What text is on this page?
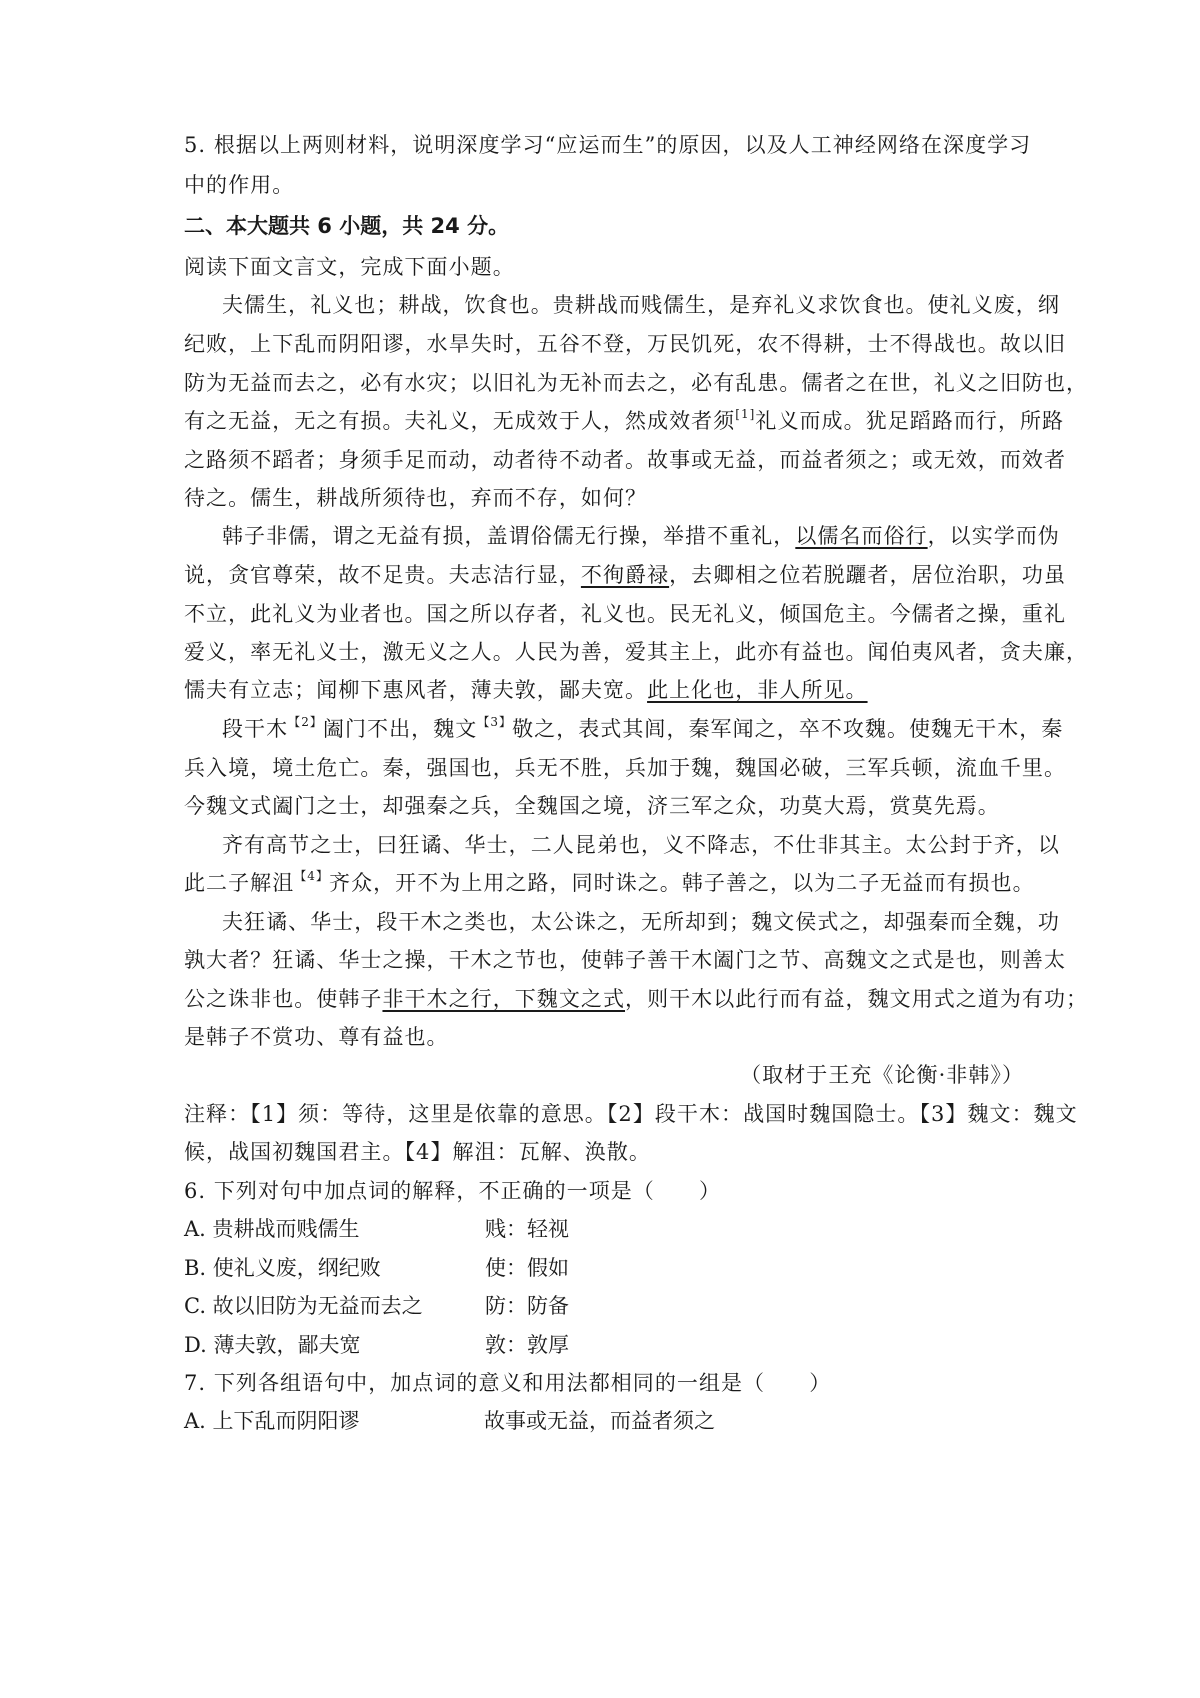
5. 根据以上两则材料，说明深度学习“应运而生”的原因，以及人工神经网络在深度学习
中的作用。
二、本大题共 6 小题，共 24 分。
阅读下面文言文，完成下面小题。
夫儒生，礼义也；耕战，饮食也。贵耕战而贱儒生，是弃礼义求饮食也。使礼义废，纲
纪败，上下乱而阴阳谬，水旱失时，五谷不登，万民饥死，农不得耕，士不得战也。故以旧
防为无益而去之，必有水灾；以旧礼为无补而去之，必有乱患。儒者之在世，礼义之旧防也，
有之无益，无之有损。夫礼义，无成效于人，然成效者须[1]礼义而成。犹足蹈路而行，所路
之路须不蹈者；身须手足而动，动者待不动者。故事或无益，而益者须之；或无效，而效者
待之。儒生，耕战所须待也，弃而不存，如何？
韩子非儒，谓之无益有损，盖谓俗儒无行操，举措不重礼，以儒名而俗行，以实学而伪
说，贪官尊荣，故不足贵。夫志洁行显，不徇爵禄，去卿相之位若脱躧者，居位治职，功虽
不立，此礼义为业者也。国之所以存者，礼义也。民无礼义，倾国危主。今儒者之操，重礼
爱义，率无礼义士，激无义之人。人民为善，爱其主上，此亦有益也。闻伯夷风者，贪夫廉，
懦夫有立志；闻柳下惠风者，薄夫敦，鄙夫宽。此上化也，非人所见。
段干木$^{【2】}$阖门不出，魏文$^{【3】}$敬之，表式其闾，秦军闻之，卒不攻魏。使魏无干木，秦
兵入境，境土危亡。秦，强国也，兵无不胜，兵加于魏，魏国必破，三军兵顿，流血千里。
今魏文式阖门之士，却强秦之兵，全魏国之境，济三军之众，功莫大焉，赏莫先焉。
齐有高节之士，曰狂谲、华士，二人昆弟也，义不降志，不仕非其主。太公封于齐，以
此二子解沮$^{【4】}$齐众，开不为上用之路，同时诛之。韩子善之，以为二子无益而有损也。
夫狂谲、华士，段干木之类也，太公诛之，无所却到；魏文侯式之，却强秦而全魏，功
孰大者？狂谲、华士之操，干木之节也，使韩子善干木阖门之节、高魏文之式是也，则善太
公之诛非也。使韩子非干木之行，下魏文之式，则干木以此行而有益，魏文用式之道为有功；
是韩子不赏功、尊有益也。
（取材于王充《论衡·非韩》）
注释：【1】须：等待，这里是依靠的意思。【2】段干木：战国时魏国隐士。【3】魏文：魏文
候，战国初魏国君主。【4】解沮：瓦解、涣散。
6. 下列对句中加点词的解释，不正确的一项是（　　）
A. 贵耕战而贱儒生	贱：轻视
B. 使礼义废，纲纪败	使：假如
C. 故以旧防为无益而去之	防：防备
D. 薄夫敦，鄙夫宽	敦：敦厚
7. 下列各组语句中，加点词的意义和用法都相同的一组是（　　）
A. 上下乱而阴阳谬	故事或无益，而益者须之
